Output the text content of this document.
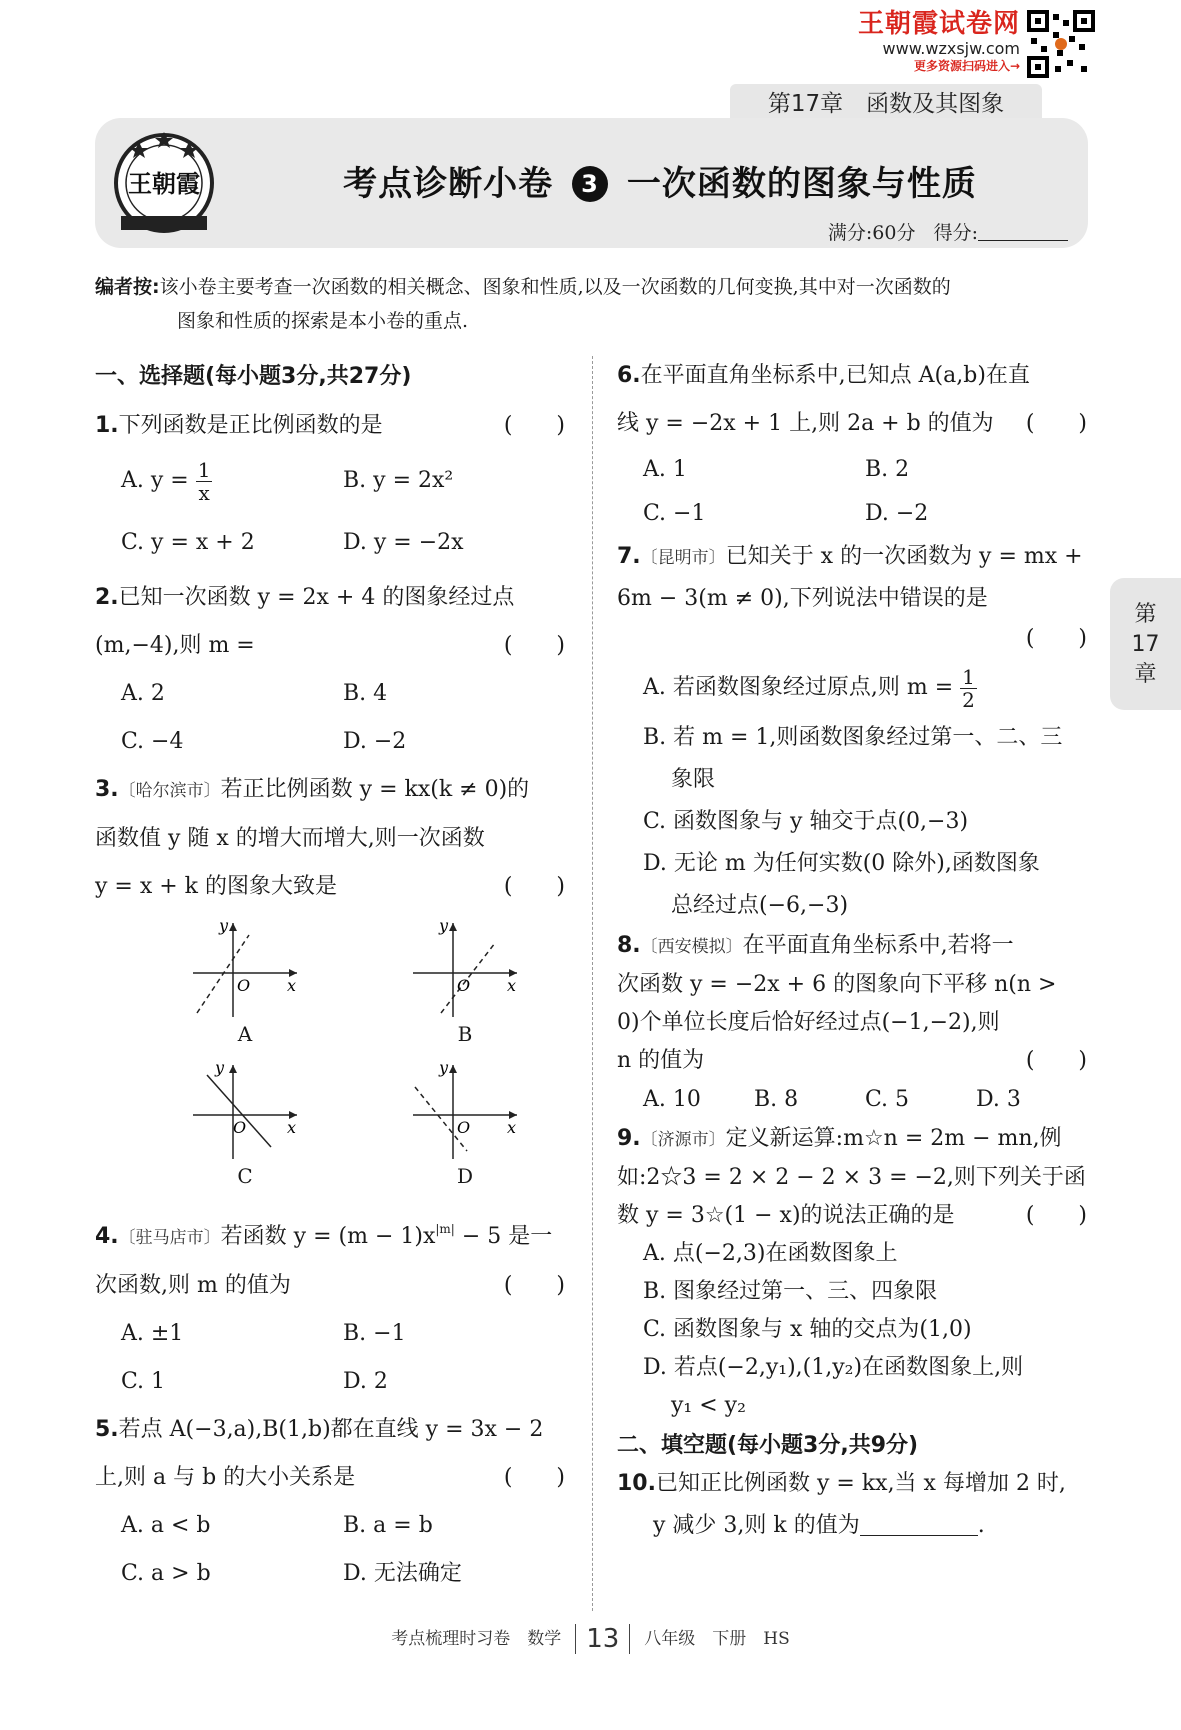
王朝霞试卷网
www.wzxsjw.com
更多资源扫码进入→
第17章　函数及其图象
王朝霞	考点诊断小卷 3 一次函数的图象与性质
满分:60分 得分:
编者按:该小卷主要考查一次函数的相关概念、图象和性质,以及一次函数的几何变换,其中对一次函数的
图象和性质的探索是本小卷的重点.
一、选择题(每小题3分,共27分)
1.下列函数是正比例函数的是	(　　)
A. $y = \frac{1}{x}$	B. y = 2x²
C. y = x + 2	D. y = −2x
2.已知一次函数 y = 2x + 4 的图象经过点
(m,−4),则 m =	(　　)
A. 2	B. 4
C. −4	D. −2
3.〔哈尔滨市〕若正比例函数 y = kx(k ≠ 0)的
函数值 y 随 x 的增大而增大,则一次函数
y = x + k 的图象大致是	(　　)
y
x
O
A
y
x
O
B
y
x
O
C
y
x
O
D
4.〔驻马店市〕若函数 $y = (m - 1)x^{|m|} - 5$ 是一
次函数,则 m 的值为	(　　)
A. ±1	B. −1
C. 1	D. 2
5.若点 A(−3,a),B(1,b)都在直线 y = 3x − 2
上,则 a 与 b 的大小关系是	(　　)
A. a < b	B. a = b
C. a > b	D. 无法确定
6.在平面直角坐标系中,已知点 A(a,b)在直
线 y = −2x + 1 上,则 2a + b 的值为 (　　)
A. 1	B. 2
C. −1	D. −2
7.〔昆明市〕已知关于 x 的一次函数为 y = mx +
6m − 3(m ≠ 0),下列说法中错误的是
(　　)
A. 若函数图象经过原点,则 $m = \frac{1}{2}$
B. 若 m = 1,则函数图象经过第一、二、三
象限
C. 函数图象与 y 轴交于点(0,−3)
D. 无论 m 为任何实数(0 除外),函数图象
总经过点(−6,−3)
8.〔西安模拟〕在平面直角坐标系中,若将一
次函数 y = −2x + 6 的图象向下平移 n(n >
0)个单位长度后恰好经过点(−1,−2),则
n 的值为	(　　)
A. 10	B. 8	C. 5	D. 3
9.〔济源市〕定义新运算:m☆n = 2m − mn,例
如:2☆3 = 2 × 2 − 2 × 3 = −2,则下列关于函
数 y = 3☆(1 − x)的说法正确的是	(　　)
A. 点(−2,3)在函数图象上
B. 图象经过第一、三、四象限
C. 函数图象与 x 轴的交点为(1,0)
D. 若点(−2,y₁),(1,y₂)在函数图象上,则
y₁ < y₂
二、填空题(每小题3分,共9分)
10.已知正比例函数 y = kx,当 x 每增加 2 时,
y 减少 3,则 k 的值为	.
第
17
章
考点梳理时习卷　数学 13 八年级　下册　HS
